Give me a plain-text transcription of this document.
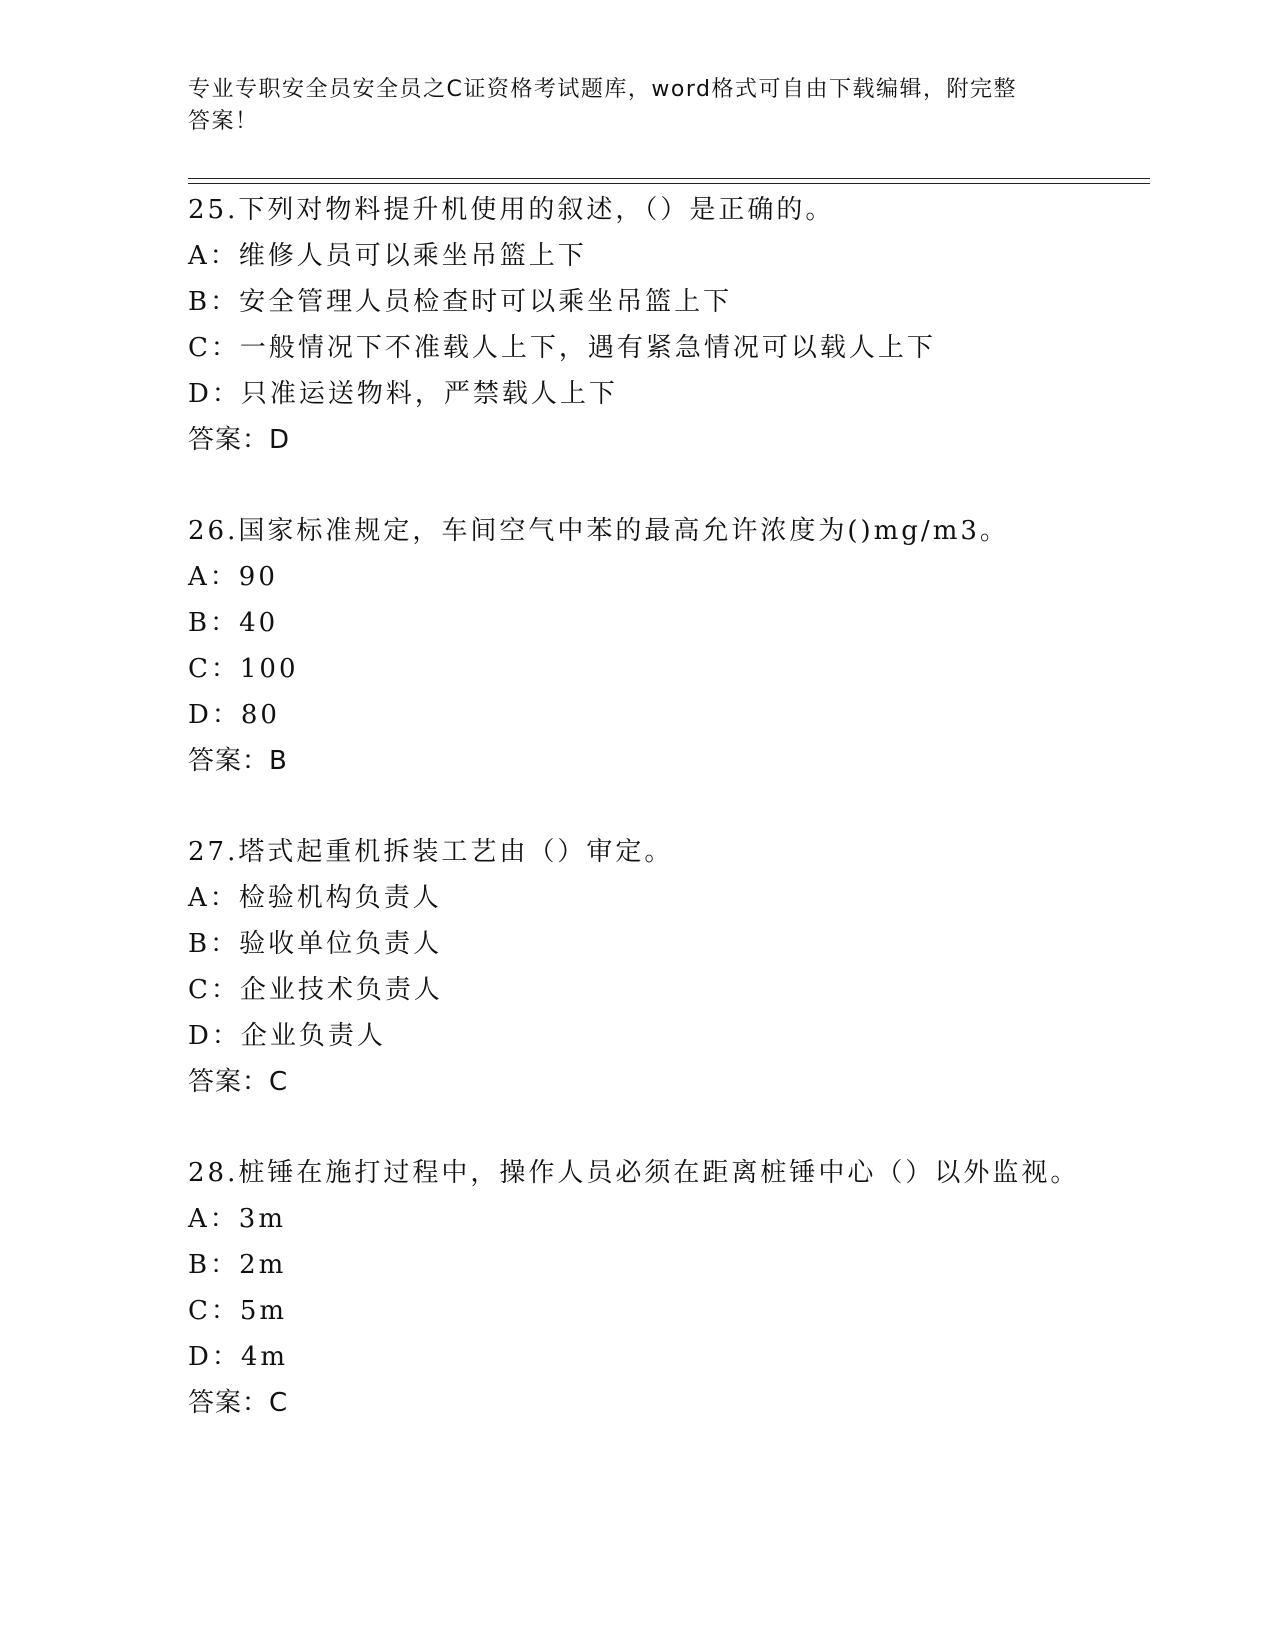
专业专职安全员安全员之C证资格考试题库，word格式可自由下载编辑，附完整
答案！
25.下列对物料提升机使用的叙述，（）是正确的。
A：维修人员可以乘坐吊篮上下
B：安全管理人员检查时可以乘坐吊篮上下
C：一般情况下不准载人上下，遇有紧急情况可以载人上下
D：只准运送物料，严禁载人上下
答案：D
26.国家标准规定，车间空气中苯的最高允许浓度为()mg/m3。
A：90
B：40
C：100
D：80
答案：B
27.塔式起重机拆装工艺由（）审定。
A：检验机构负责人
B：验收单位负责人
C：企业技术负责人
D：企业负责人
答案：C
28.桩锤在施打过程中，操作人员必须在距离桩锤中心（）以外监视。
A：3m
B：2m
C：5m
D：4m
答案：C
